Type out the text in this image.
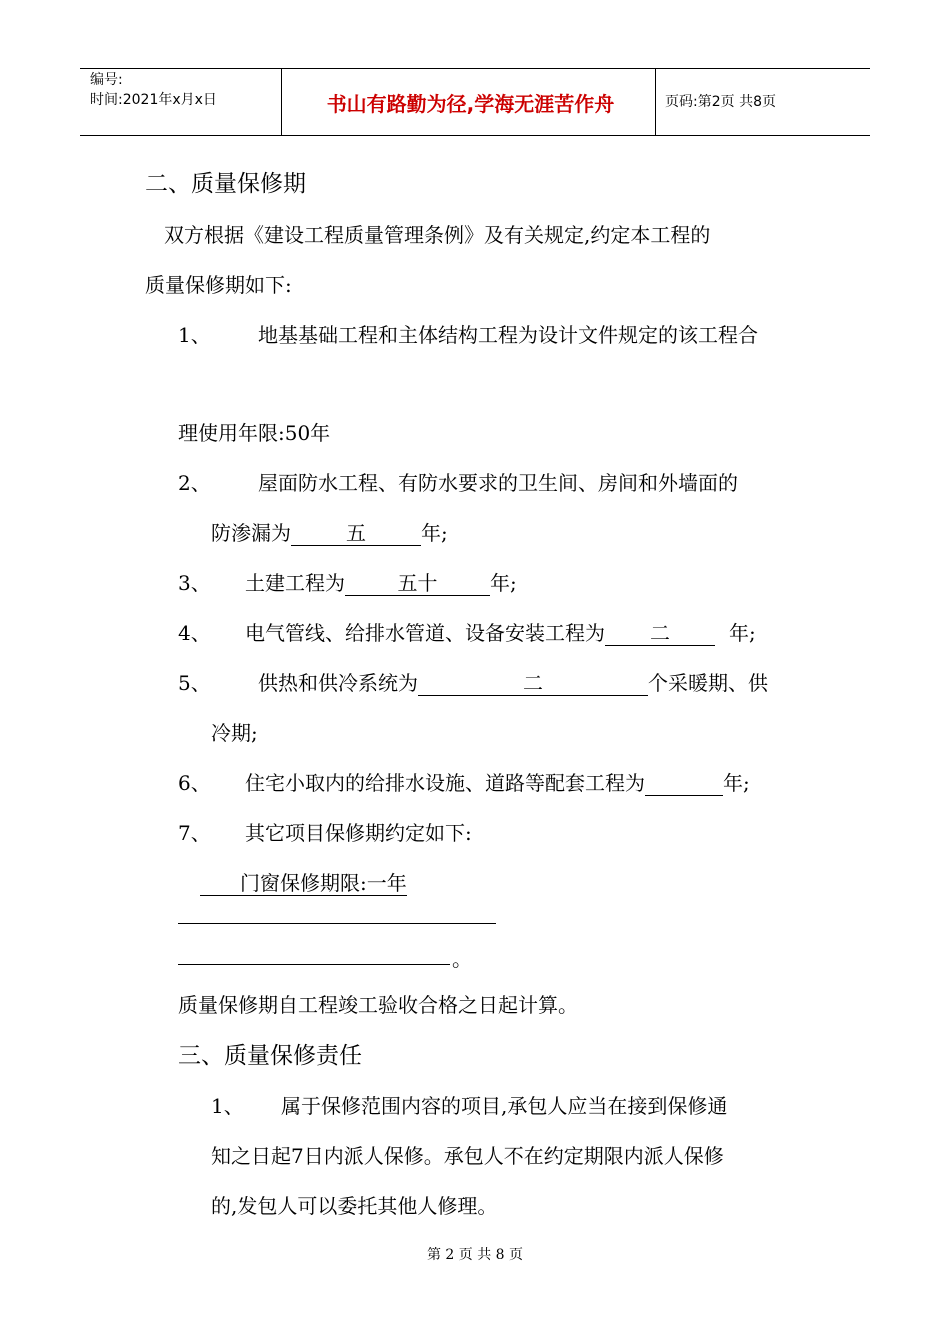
编号:
时间:2021年x月x日	书山有路勤为径,学海无涯苦作舟	页码:第2页 共8页
二、质量保修期
双方根据《建设工程质量管理条例》及有关规定,约定本工程的
质量保修期如下:
1、 地基基础工程和主体结构工程为设计文件规定的该工程合
理使用年限:50年
2、 屋面防水工程、有防水要求的卫生间、房间和外墙面的
防渗漏为	五	年;
3、 土建工程为	五十	年;
4、 电气管线、给排水管道、设备安装工程为 二	年;
5、 供热和供冷系统为	二	个采暖期、供
冷期;
6、 住宅小取内的给排水设施、道路等配套工程为	年;
7、 其它项目保修期约定如下:
门窗保修期限:一年
。
质量保修期自工程竣工验收合格之日起计算。
三、质量保修责任
1、 属于保修范围内容的项目,承包人应当在接到保修通
知之日起7日内派人保修。承包人不在约定期限内派人保修
的,发包人可以委托其他人修理。
第 2 页 共 8 页
